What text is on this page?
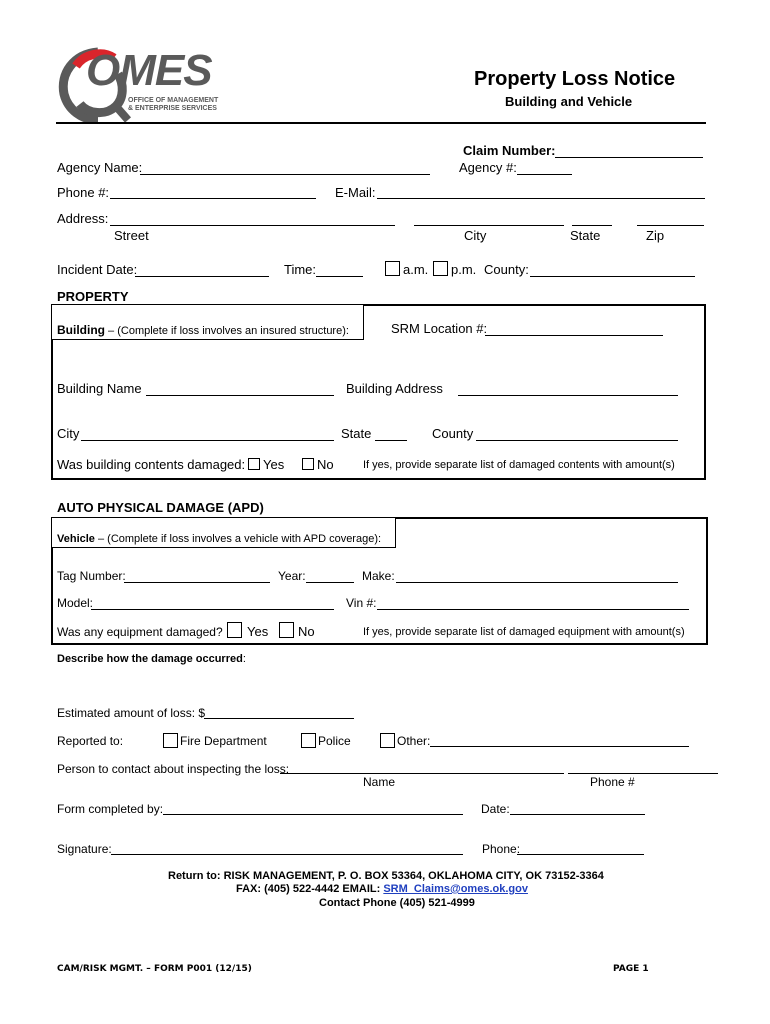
OMES
OFFICE OF MANAGEMENT
& ENTERPRISE SERVICES
Property Loss Notice
Building and Vehicle
Claim Number:
Agency #:
Agency Name:
Phone #:	E-Mail:
Address:
Street	City	State	Zip
Incident Date:	Time:	a.m. p.m. County:
PROPERTY
Building – (Complete if loss involves an insured structure):	SRM Location #:
Building Name	Building Address
City	State	County
Was building contents damaged: Yes	No	If yes, provide separate list of damaged contents with amount(s)
AUTO PHYSICAL DAMAGE (APD)
Vehicle – (Complete if loss involves a vehicle with APD coverage):
Tag Number:	Year:	Make:
Model:	Vin #:
Was any equipment damaged? Yes No	If yes, provide separate list of damaged equipment with amount(s)
Describe how the damage occurred:
Estimated amount of loss: $
Reported to:	Fire Department	Police	Other:
Person to contact about inspecting the loss:
Name	Phone #
Form completed by:	Date:
Signature:	Phone:
Return to: RISK MANAGEMENT, P. O. BOX 53364, OKLAHOMA CITY, OK 73152-3364
FAX: (405) 522-4442 EMAIL: SRM_Claims@omes.ok.gov
Contact Phone (405) 521-4999
CAM/RISK MGMT. – FORM P001 (12/15)	PAGE 1
